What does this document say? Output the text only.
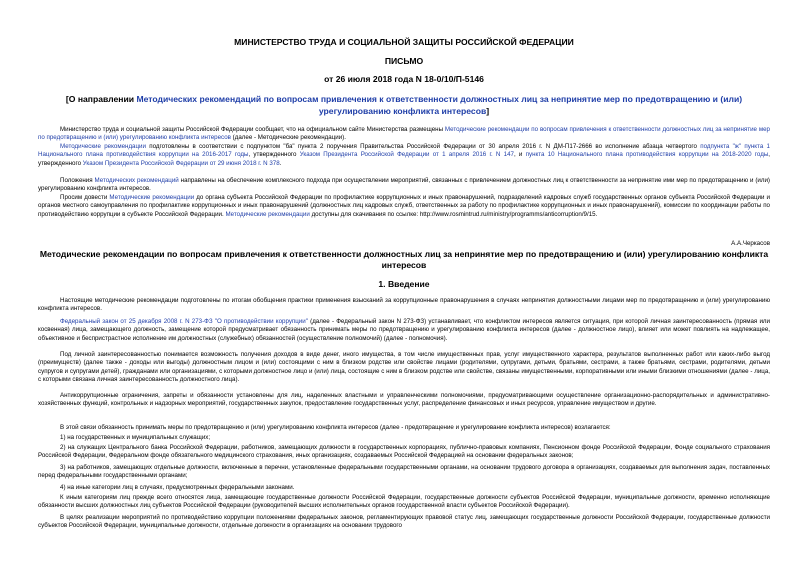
МИНИСТЕРСТВО ТРУДА И СОЦИАЛЬНОЙ ЗАЩИТЫ РОССИЙСКОЙ ФЕДЕРАЦИИ
ПИСЬМО
от 26 июля 2018 года N 18-0/10/П-5146
[О направлении Методических рекомендаций по вопросам привлечения к ответственности должностных лиц за непринятие мер по предотвращению и (или) урегулированию конфликта интересов]
Министерство труда и социальной защиты Российской Федерации сообщает, что на официальном сайте Министерства размещены Методические рекомендации по вопросам привлечения к ответственности должностных лиц за непринятие мер по предотвращению и (или) урегулированию конфликта интересов (далее - Методические рекомендации).
Методические рекомендации подготовлены в соответствии с подпунктом "ба" пункта 2 поручения Правительства Российской Федерации от 30 апреля 2016 г. N ДМ-П17-2666 во исполнение абзаца четвертого подпункта "ж" пункта 1 Национального плана противодействия коррупции на 2016-2017 годы, утвержденного Указом Президента Российской Федерации от 1 апреля 2016 г. N 147, и пункта 10 Национального плана противодействия коррупции на 2018-2020 годы, утвержденного Указом Президента Российской Федерации от 29 июня 2018 г. N 378.
Положения Методических рекомендаций направлены на обеспечение комплексного подхода при осуществлении мероприятий, связанных с привлечением должностных лиц к ответственности за непринятие ими мер по предотвращению и (или) урегулированию конфликта интересов.
Просим довести Методические рекомендации до органа субъекта Российской Федерации по профилактике коррупционных и иных правонарушений, подразделений кадровых служб государственных органов субъекта Российской Федерации и органов местного самоуправления по профилактике коррупционных и иных правонарушений (должностных лиц кадровых служб, ответственных за работу по профилактике коррупционных и иных правонарушений), комиссии по координации работы по противодействию коррупции в субъекте Российской Федерации. Методические рекомендации доступны для скачивания по ссылке: http://www.rosmintrud.ru/ministry/programms/anticorruption/9/15.
А.А.Черкасов
Методические рекомендации по вопросам привлечения к ответственности должностных лиц за непринятие мер по предотвращению и (или) урегулированию конфликта интересов
1. Введение
Настоящие методические рекомендации подготовлены по итогам обобщения практики применения взысканий за коррупционные правонарушения в случаях непринятия должностными лицами мер по предотвращению и (или) урегулированию конфликта интересов.
Федеральный закон от 25 декабря 2008 г. N 273-ФЗ "О противодействии коррупции" (далее - Федеральный закон N 273-ФЗ) устанавливает, что конфликтом интересов является ситуация, при которой личная заинтересованность (прямая или косвенная) лица, замещающего должность, замещение которой предусматривает обязанность принимать меры по предотвращению и урегулированию конфликта интересов (далее - должностное лицо), влияет или может повлиять на надлежащее, объективное и беспристрастное исполнение им должностных (служебных) обязанностей (осуществление полномочий) (далее - полномочия).
Под личной заинтересованностью понимается возможность получения доходов в виде денег, иного имущества, в том числе имущественных прав, услуг имущественного характера, результатов выполненных работ или каких-либо выгод (преимуществ) (далее также - доходы или выгоды) должностным лицом и (или) состоящими с ним в близком родстве или свойстве лицами (родителями, супругами, детьми, братьями, сестрами, а также братьями, сестрами, родителями, детьми супругов и супругами детей), гражданами или организациями, с которыми должностное лицо и (или) лица, состоящие с ним в близком родстве или свойстве, связаны имущественными, корпоративными или иными близкими отношениями (далее - лица, с которыми связана личная заинтересованность должностного лица).
Антикоррупционные ограничения, запреты и обязанности установлены для лиц, наделенных властными и управленческими полномочиями, предусматривающими осуществление организационно-распорядительных и административно-хозяйственных функций, контрольных и надзорных мероприятий, государственных закупок, предоставление государственных услуг, распределение финансовых и иных ресурсов, управление имуществом и другие.
В этой связи обязанность принимать меры по предотвращению и (или) урегулированию конфликта интересов (далее - предотвращение и урегулирование конфликта интересов) возлагается:
1) на государственных и муниципальных служащих;
2) на служащих Центрального банка Российской Федерации, работников, замещающих должности в государственных корпорациях, публично-правовых компаниях, Пенсионном фонде Российской Федерации, Фонде социального страхования Российской Федерации, Федеральном фонде обязательного медицинского страхования, иных организациях, создаваемых Российской Федерацией на основании федеральных законов;
3) на работников, замещающих отдельные должности, включенные в перечни, установленные федеральными государственными органами, на основании трудового договора в организациях, создаваемых для выполнения задач, поставленных перед федеральными государственными органами;
4) на иные категории лиц в случаях, предусмотренных федеральными законами.
К иным категориям лиц прежде всего относятся лица, замещающие государственные должности Российской Федерации, государственные должности субъектов Российской Федерации, муниципальные должности, временно исполняющие обязанности высших должностных лиц субъектов Российской Федерации (руководителей высших исполнительных органов государственной власти субъектов Российской Федерации).
В целях реализации мероприятий по противодействию коррупции положениями федеральных законов, регламентирующих правовой статус лиц, замещающих государственные должности Российской Федерации, государственные должности субъектов Российской Федерации, муниципальные должности, отдельные должности в организациях на основании трудового
